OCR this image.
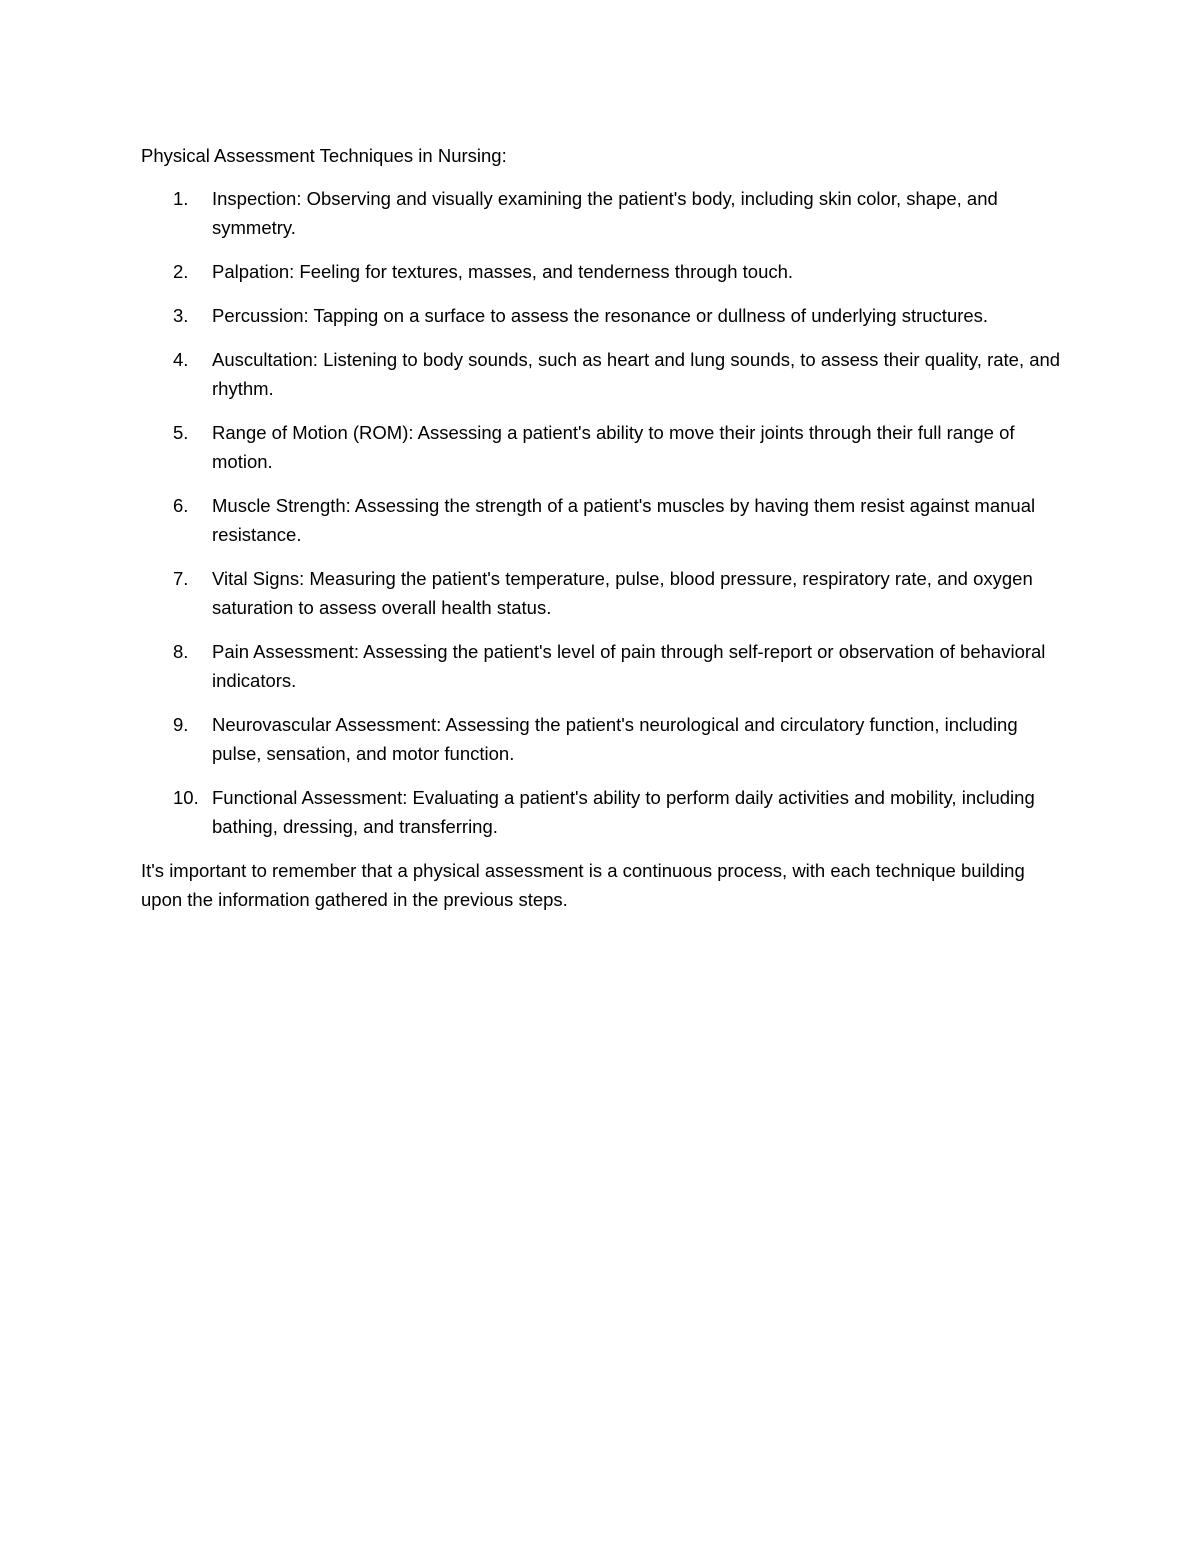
Physical Assessment Techniques in Nursing:

1. Inspection: Observing and visually examining the patient's body, including skin color, shape, and symmetry.
2. Palpation: Feeling for textures, masses, and tenderness through touch.
3. Percussion: Tapping on a surface to assess the resonance or dullness of underlying structures.
4. Auscultation: Listening to body sounds, such as heart and lung sounds, to assess their quality, rate, and rhythm.
5. Range of Motion (ROM): Assessing a patient's ability to move their joints through their full range of motion.
6. Muscle Strength: Assessing the strength of a patient's muscles by having them resist against manual resistance.
7. Vital Signs: Measuring the patient's temperature, pulse, blood pressure, respiratory rate, and oxygen saturation to assess overall health status.
8. Pain Assessment: Assessing the patient's level of pain through self-report or observation of behavioral indicators.
9. Neurovascular Assessment: Assessing the patient's neurological and circulatory function, including pulse, sensation, and motor function.
10. Functional Assessment: Evaluating a patient's ability to perform daily activities and mobility, including bathing, dressing, and transferring.

It's important to remember that a physical assessment is a continuous process, with each technique building upon the information gathered in the previous steps.
